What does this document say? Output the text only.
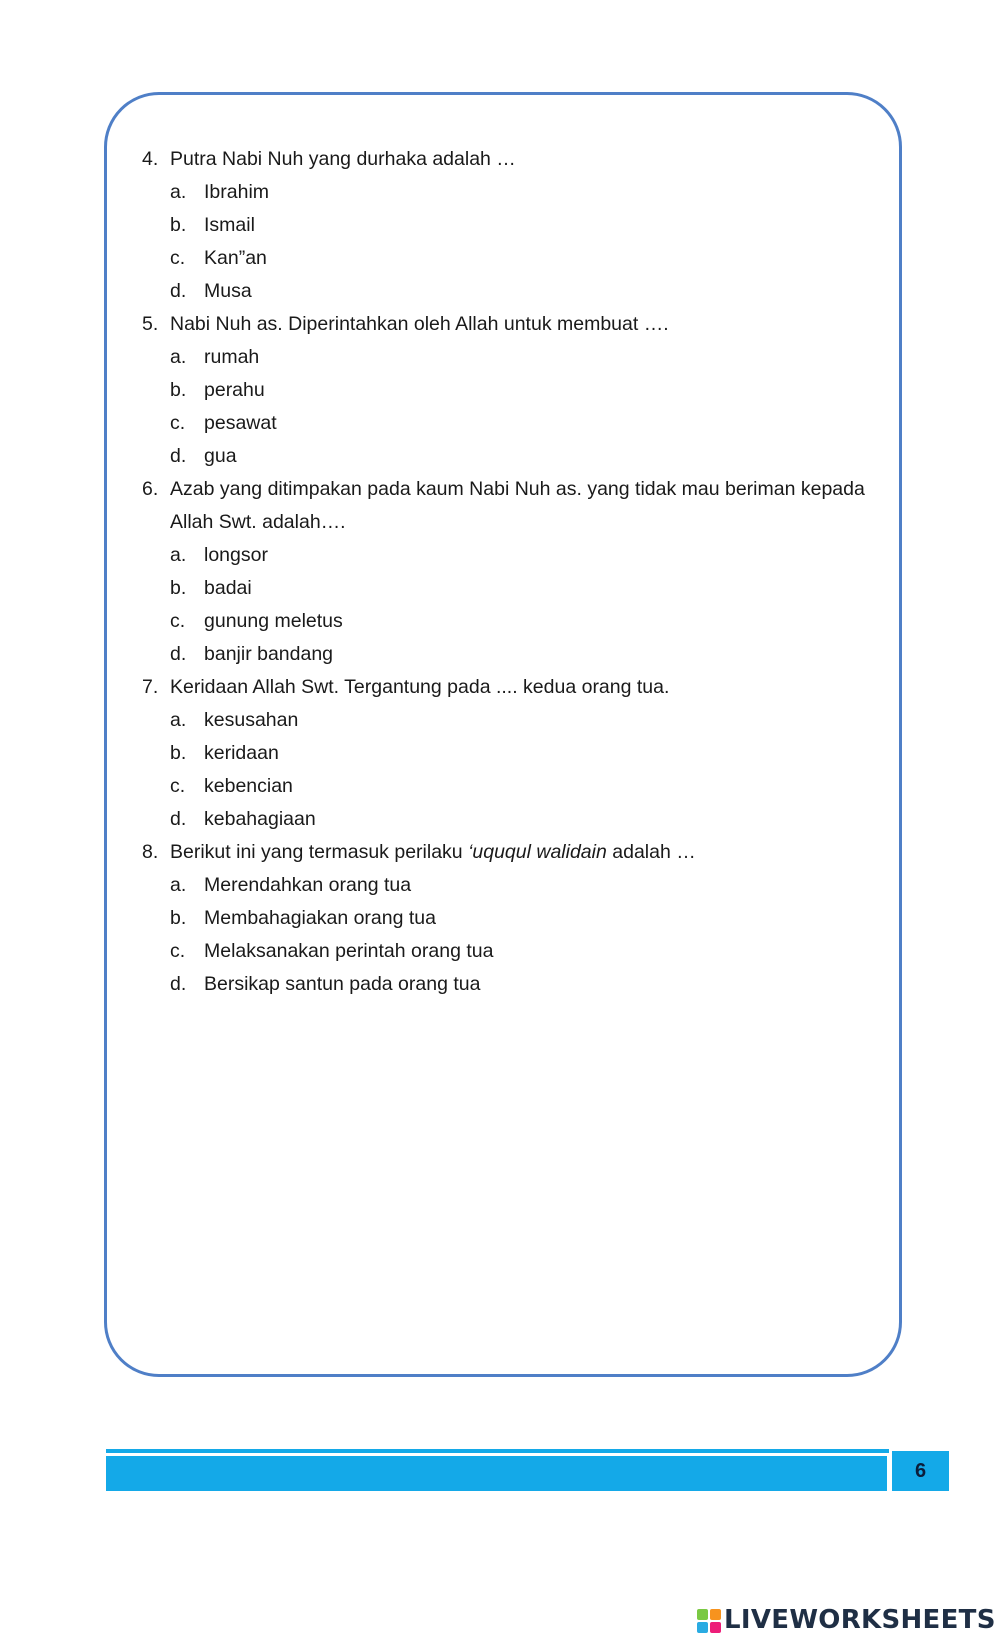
4. Putra Nabi Nuh yang durhaka adalah …
a. Ibrahim
b. Ismail
c. Kan”an
d. Musa
5. Nabi Nuh as. Diperintahkan oleh Allah untuk membuat ….
a. rumah
b. perahu
c. pesawat
d. gua
6. Azab yang ditimpakan pada kaum Nabi Nuh as. yang tidak mau beriman kepada
Allah Swt. adalah….
a. longsor
b. badai
c. gunung meletus
d. banjir bandang
7. Keridaan Allah Swt. Tergantung pada .... kedua orang tua.
a. kesusahan
b. keridaan
c. kebencian
d. kebahagiaan
8. Berikut ini yang termasuk perilaku ‘uququl walidain adalah …
a. Merendahkan orang tua
b. Membahagiakan orang tua
c. Melaksanakan perintah orang tua
d. Bersikap santun pada orang tua
6
LIVEWORKSHEETS
